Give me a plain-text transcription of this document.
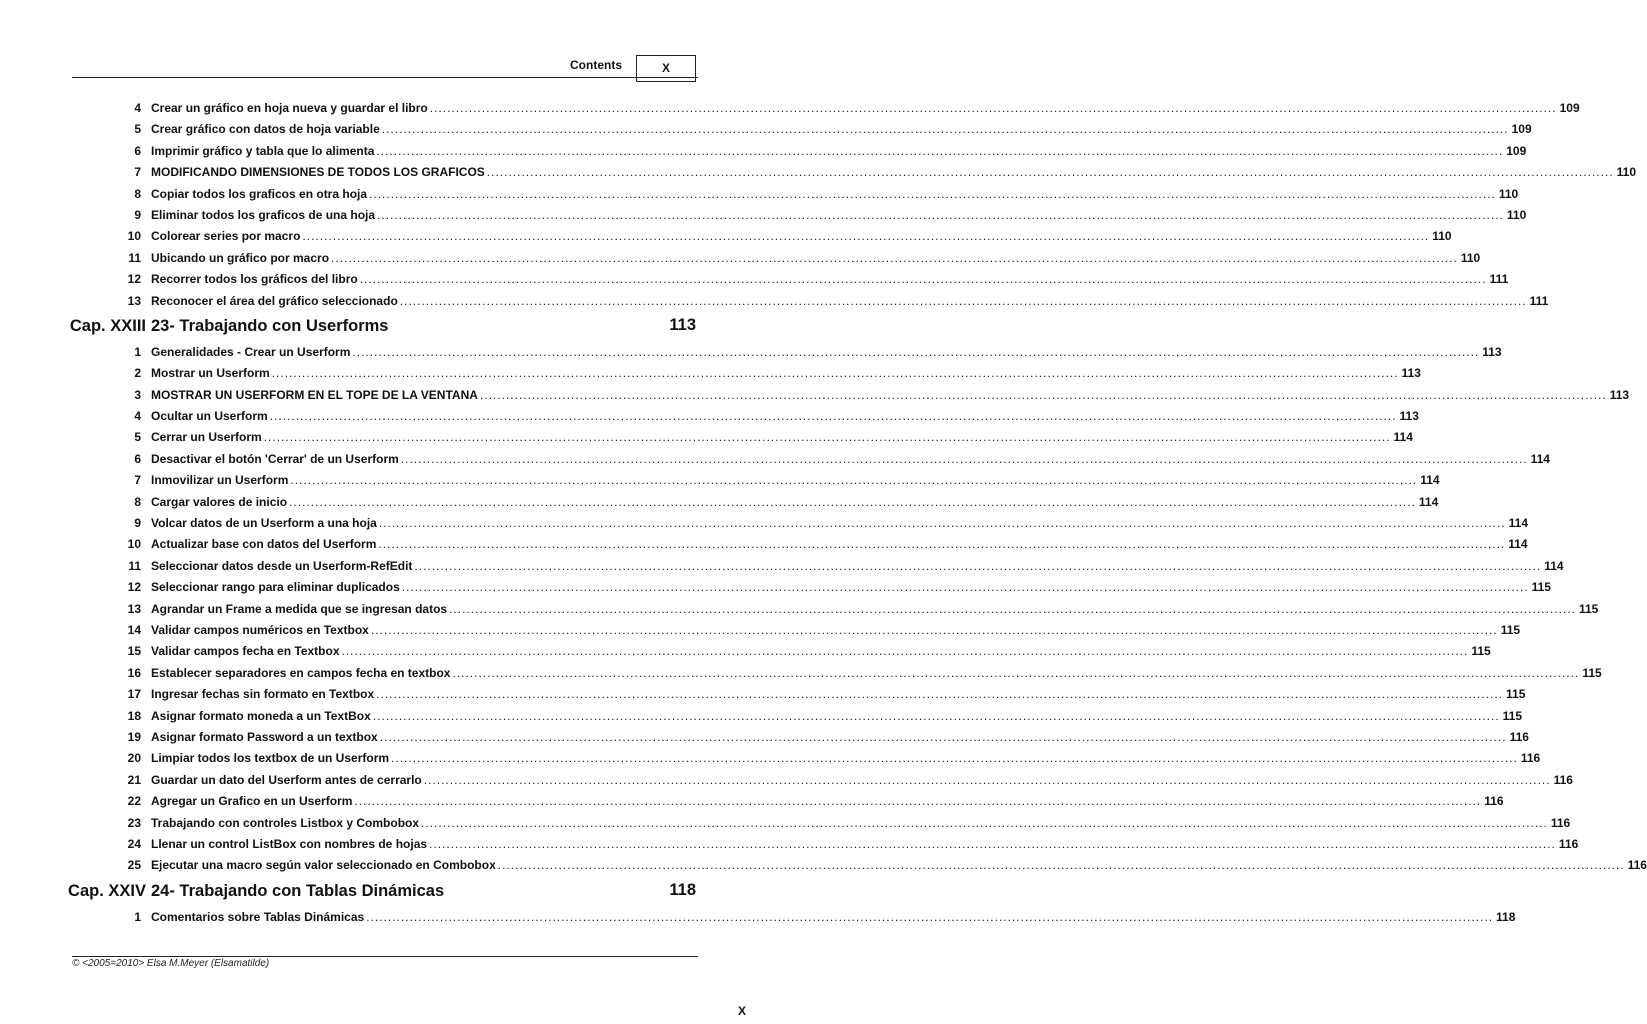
Contents	X
4 Crear un gráfico en hoja nueva y guardar el libro .................................................................................................................................................................................................................................................................... 109
5 Crear gráfico con datos de hoja variable .................................................................................................................................................................................................................................................................... 109
6 Imprimir gráfico y tabla que lo alimenta .................................................................................................................................................................................................................................................................... 109
7 MODIFICANDO DIMENSIONES DE TODOS LOS GRAFICOS .................................................................................................................................................................................................................................................................... 110
8 Copiar todos los graficos en otra hoja .................................................................................................................................................................................................................................................................... 110
9 Eliminar todos los graficos de una hoja .................................................................................................................................................................................................................................................................... 110
10 Colorear series por macro .................................................................................................................................................................................................................................................................... 110
11 Ubicando un gráfico por macro .................................................................................................................................................................................................................................................................... 110
12 Recorrer todos los gráficos del libro .................................................................................................................................................................................................................................................................... 111
13 Reconocer el área del gráfico seleccionado .................................................................................................................................................................................................................................................................... 111
Cap. XXIII 23- Trabajando con Userforms	113
1 Generalidades - Crear un Userform .................................................................................................................................................................................................................................................................... 113
2 Mostrar un Userform .................................................................................................................................................................................................................................................................... 113
3 MOSTRAR UN USERFORM EN EL TOPE DE LA VENTANA .................................................................................................................................................................................................................................................................... 113
4 Ocultar un Userform .................................................................................................................................................................................................................................................................... 113
5 Cerrar un Userform .................................................................................................................................................................................................................................................................... 114
6 Desactivar el botón 'Cerrar' de un Userform .................................................................................................................................................................................................................................................................... 114
7 Inmovilizar un Userform .................................................................................................................................................................................................................................................................... 114
8 Cargar valores de inicio .................................................................................................................................................................................................................................................................... 114
9 Volcar datos de un Userform a una hoja .................................................................................................................................................................................................................................................................... 114
10 Actualizar base con datos del Userform .................................................................................................................................................................................................................................................................... 114
11 Seleccionar datos desde un Userform-RefEdit .................................................................................................................................................................................................................................................................... 114
12 Seleccionar rango para eliminar duplicados .................................................................................................................................................................................................................................................................... 115
13 Agrandar un Frame a medida que se ingresan datos .................................................................................................................................................................................................................................................................... 115
14 Validar campos numéricos en Textbox .................................................................................................................................................................................................................................................................... 115
15 Validar campos fecha en Textbox .................................................................................................................................................................................................................................................................... 115
16 Establecer separadores en campos fecha en textbox .................................................................................................................................................................................................................................................................... 115
17 Ingresar fechas sin formato en Textbox .................................................................................................................................................................................................................................................................... 115
18 Asignar formato moneda a un TextBox .................................................................................................................................................................................................................................................................... 115
19 Asignar formato Password a un textbox .................................................................................................................................................................................................................................................................... 116
20 Limpiar todos los textbox de un Userform .................................................................................................................................................................................................................................................................... 116
21 Guardar un dato del Userform antes de cerrarlo .................................................................................................................................................................................................................................................................... 116
22 Agregar un Grafico en un Userform .................................................................................................................................................................................................................................................................... 116
23 Trabajando con controles Listbox y Combobox .................................................................................................................................................................................................................................................................... 116
24 Llenar un control ListBox con nombres de hojas .................................................................................................................................................................................................................................................................... 116
25 Ejecutar una macro según valor seleccionado en Combobox .................................................................................................................................................................................................................................................................... 116
Cap. XXIV 24- Trabajando con Tablas Dinámicas	118
1 Comentarios sobre Tablas Dinámicas .................................................................................................................................................................................................................................................................... 118
© <2005=2010> Elsa M.Meyer (Elsamatilde)
X
